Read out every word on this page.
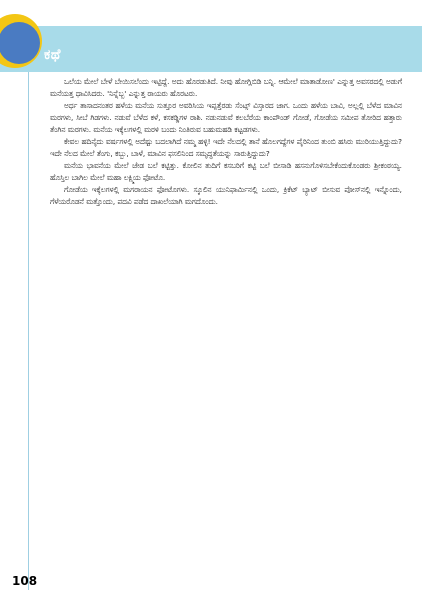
ಕಥೆ

ಒಲೆಯ ಮೇಲೆ ಬೇಳೆ ಬೇಯಿಸಲೆಂದು ಇಟ್ಟಿದ್ದೆ. ಅದು ಹೊರಡುತಿದೆ. ನೀವು ಹೋಗ್ಲಿಬಿಡಿ ಬನ್ನಿ. ಆಮೇಲೆ ಮಾತಾಡೋಣ' ಎನ್ನುತ್ತ ಅವಸರದಲ್ಲಿ ಅಡುಗೆ ಮನೆಯತ್ತ ಧಾವಿಸಿದರು. 'ನಿನ್ನೆಬ್ಬ' ಎನ್ನುತ್ತ ರಾಯರು ಹೊರಟರು.

ಅರ್ಧ ತಾಸಾದನಂತರ ಹಳೆಯ ಮನೆಯ ಸುತ್ತೂರ ಅವರಿಸಿಯ ಇಪ್ಪತ್ತೆರಡು ಸೆಂಟ್ಸ್ ವಿಸ್ತಾರದ ಜಾಗ. ಒಂದು ಹಳೆಯ ಬಾವಿ, ಅಲ್ಲಲ್ಲಿ ಬೆಳೆದ ಮಾವಿನ ಮರಗಳು, ಸೀಬೆ ಗಿಡಗಳು. ನಡುವೆ ಬೆಳೆದ ಕಳೆ, ಕಸಕಡ್ಡಿಗಳ ರಾಶಿ. ನಡುನಡುವೆ ಕಲಬೆರೆಯ ಕಾಂಪೌಂಡ್ ಗೋಡೆ, ಗೋಡೆಯ ಸಮೀಪ ತೋರಿದ ಹತ್ತಾರು ತೆಂಗಿನ ಮರಗಳು. ಮನೆಯ ಇಕ್ಕೆಲಗಳಲ್ಲಿ ಮರಳಿ ಬಂದು ನಿಂತಿರುವ ಬಹುಮಹಡಿ ಕಟ್ಟಡಗಳು.

ಕೇವಲ ಹದಿನೈದು ವರ್ಷಗಳಲ್ಲಿ ಅದೆಷ್ಟು ಬದಲಾಗಿದೆ ನಮ್ಮ ಹಳ್ಳಿ! ಇದೇ ನೆಲದಲ್ಲಿ ತಾನೆ ಹೊಲಗದ್ದೆಗಳ ಪೈರಿನಿಂದ ತುಂಬಿ ಹಸಿರು ಮುರಿಯುತ್ತಿದ್ದುದು? ಇದೇ ನೆಲದ ಮೇಲೆ ತೆಂಗು, ಕಬ್ಬು, ಬಾಳೆ, ಮಾವಿನ ಫಸಲಿನಿಂದ ಸಮೃದ್ಧತೆಯನ್ನು ಸಾರುತ್ತಿದ್ದುದು?

ಮನೆಯ ಭಾವನೆಯ ಮೇಲೆ ಜೇಡ ಬಲೆ ಕಟ್ಟಿತ್ತು. ಕೋಲಿನ ತುದಿಗೆ ಕಸಬರಿಗೆ ಕಟ್ಟಿ ಬಲೆ ಬೀಸಾಡಿ ಹಸನುಗೊಳಿಸಬೇಕೆಂದುಕೊಂಡರು ಶ್ರೀಕಂಠಯ್ಯ. ಹೊಸ್ತಿಲ ಬಾಗಿಲ ಮೇಲೆ ಮಹಾ ಲಕ್ಷ್ಮಿಯ ಫೋಟೊ.

ಗೋಡೆಯ ಇಕ್ಕೆಲಗಳಲ್ಲಿ ಮಗರಾಯನ ಫೋಟೊಗಳು. ಸ್ಕೂಲಿನ ಯುನಿಫಾರ್ಮಿನಲ್ಲಿ ಒಂದು, ಕ್ರಿಕೆಟ್ ಬ್ಯಾಟ್ ಬೀಸುವ ಪೋಸ್‌ನಲ್ಲಿ ಇನ್ನೊಂದು, ಗೆಳೆಯರೊಡನೆ ಮತ್ತೊಂದು, ಪದವಿ ಪಡೆದ ದಾಖಲೆಯಾಗಿ ಮಗದೊಂದು.

108
